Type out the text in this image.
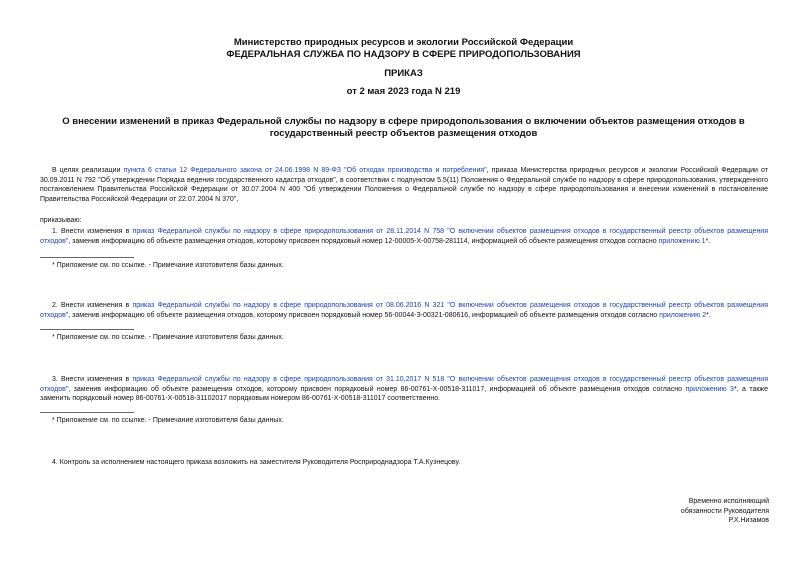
Министерство природных ресурсов и экологии Российской Федерации
ФЕДЕРАЛЬНАЯ СЛУЖБА ПО НАДЗОРУ В СФЕРЕ ПРИРОДОПОЛЬЗОВАНИЯ
ПРИКАЗ
от 2 мая 2023 года N 219
О внесении изменений в приказ Федеральной службы по надзору в сфере природопользования о включении объектов размещения отходов в государственный реестр объектов размещения отходов
В целях реализации пункта 6 статьи 12 Федерального закона от 24.06.1998 N 89-ФЗ "Об отходах производства и потребления", приказа Министерства природных ресурсов и экологии Российской Федерации от 30.09.2011 N 792 "Об утверждении Порядка ведения государственного кадастра отходов", в соответствии с подпунктом 5.5(11) Положения о Федеральной службе по надзору в сфере природопользования, утвержденного постановлением Правительства Российской Федерации от 30.07.2004 N 400 "Об утверждении Положения о Федеральной службе по надзору в сфере природопользования и внесении изменений в постановление Правительства Российской Федерации от 22.07.2004 N 370",
приказываю:
1. Внести изменения в приказ Федеральной службы по надзору в сфере природопользования от 28.11.2014 N 758 "О включении объектов размещения отходов в государственный реестр объектов размещения отходов", заменив информацию об объекте размещения отходов, которому присвоен порядковый номер 12-00005-Х-00758-281114, информацией об объекте размещения отходов согласно приложению 1*.
* Приложение см. по ссылке. - Примечание изготовителя базы данных.
2. Внести изменения в приказ Федеральной службы по надзору в сфере природопользования от 08.06.2016 N 321 "О включении объектов размещения отходов в государственный реестр объектов размещения отходов", заменив информацию об объекте размещения отходов, которому присвоен порядковый номер 56-00044-З-00321-080616, информацией об объекте размещения отходов согласно приложению 2*.
* Приложение см. по ссылке. - Примечание изготовителя базы данных.
3. Внести изменения в приказ Федеральной службы по надзору в сфере природопользования от 31.10.2017 N 518 "О включении объектов размещения отходов в государственный реестр объектов размещения отходов", заменив информацию об объекте размещения отходов, которому присвоен порядковый номер 86-00761-Х-00518-311017, информацией об объекте размещения отходов согласно приложению 3*, а также заменить порядковый номер 86-00761-Х-00518-31102017 порядковым номером 86-00761-Х-00518-311017 соответственно.
* Приложение см. по ссылке. - Примечание изготовителя базы данных.
4. Контроль за исполнением настоящего приказа возложить на заместителя Руководителя Росприроднадзора Т.А.Кузнецову.
Временно исполняющий
обязанности Руководителя
Р.Х.Низамов
